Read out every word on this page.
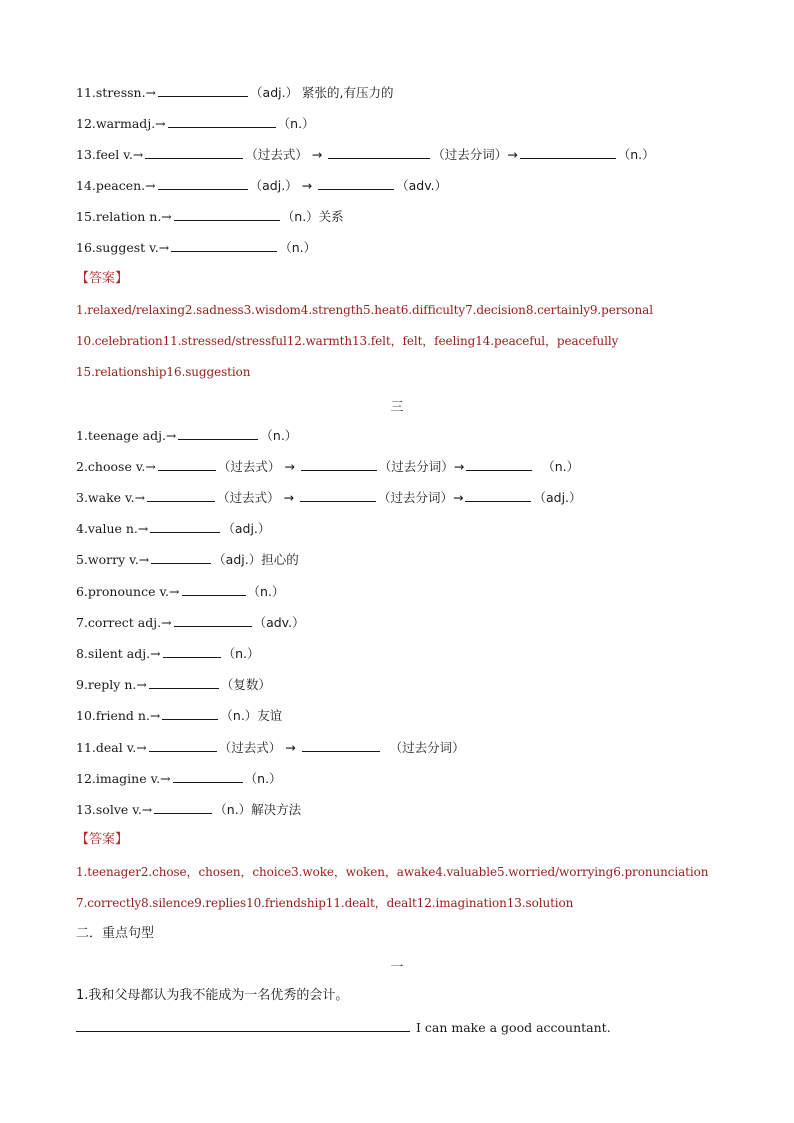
11.stressn.→	（adj.） 紧张的,有压力的
12.warmadj.→	（n.）
13.feel v.→	（过去式） →	（过去分词）→	（n.）
14.peacen.→	（adj.） →	（adv.）
15.relation n.→	（n.）关系
16.suggest v.→	（n.）
【答案】
1.relaxed/relaxing2.sadness3.wisdom4.strength5.heat6.difficulty7.decision8.certainly9.personal
10.celebration11.stressed/stressful12.warmth13.felt，felt，feeling14.peaceful，peacefully
15.relationship16.suggestion
三
1.teenage adj.→	（n.）
2.choose v.→	（过去式） →	（过去分词）→	（n.）
3.wake v.→	（过去式） →	（过去分词）→	（adj.）
4.value n.→	（adj.）
5.worry v.→	（adj.）担心的
6.pronounce v.→	（n.）
7.correct adj.→	（adv.）
8.silent adj.→	（n.）
9.reply n.→	（复数）
10.friend n.→	（n.）友谊
11.deal v.→	（过去式） →	（过去分词）
12.imagine v.→	（n.）
13.solve v.→	（n.）解决方法
【答案】
1.teenager2.chose，chosen，choice3.woke，woken，awake4.valuable5.worried/worrying6.pronunciation
7.correctly8.silence9.replies10.friendship11.dealt，dealt12.imagination13.solution
二．重点句型
一
1.我和父母都认为我不能成为一名优秀的会计。
I can make a good accountant.
